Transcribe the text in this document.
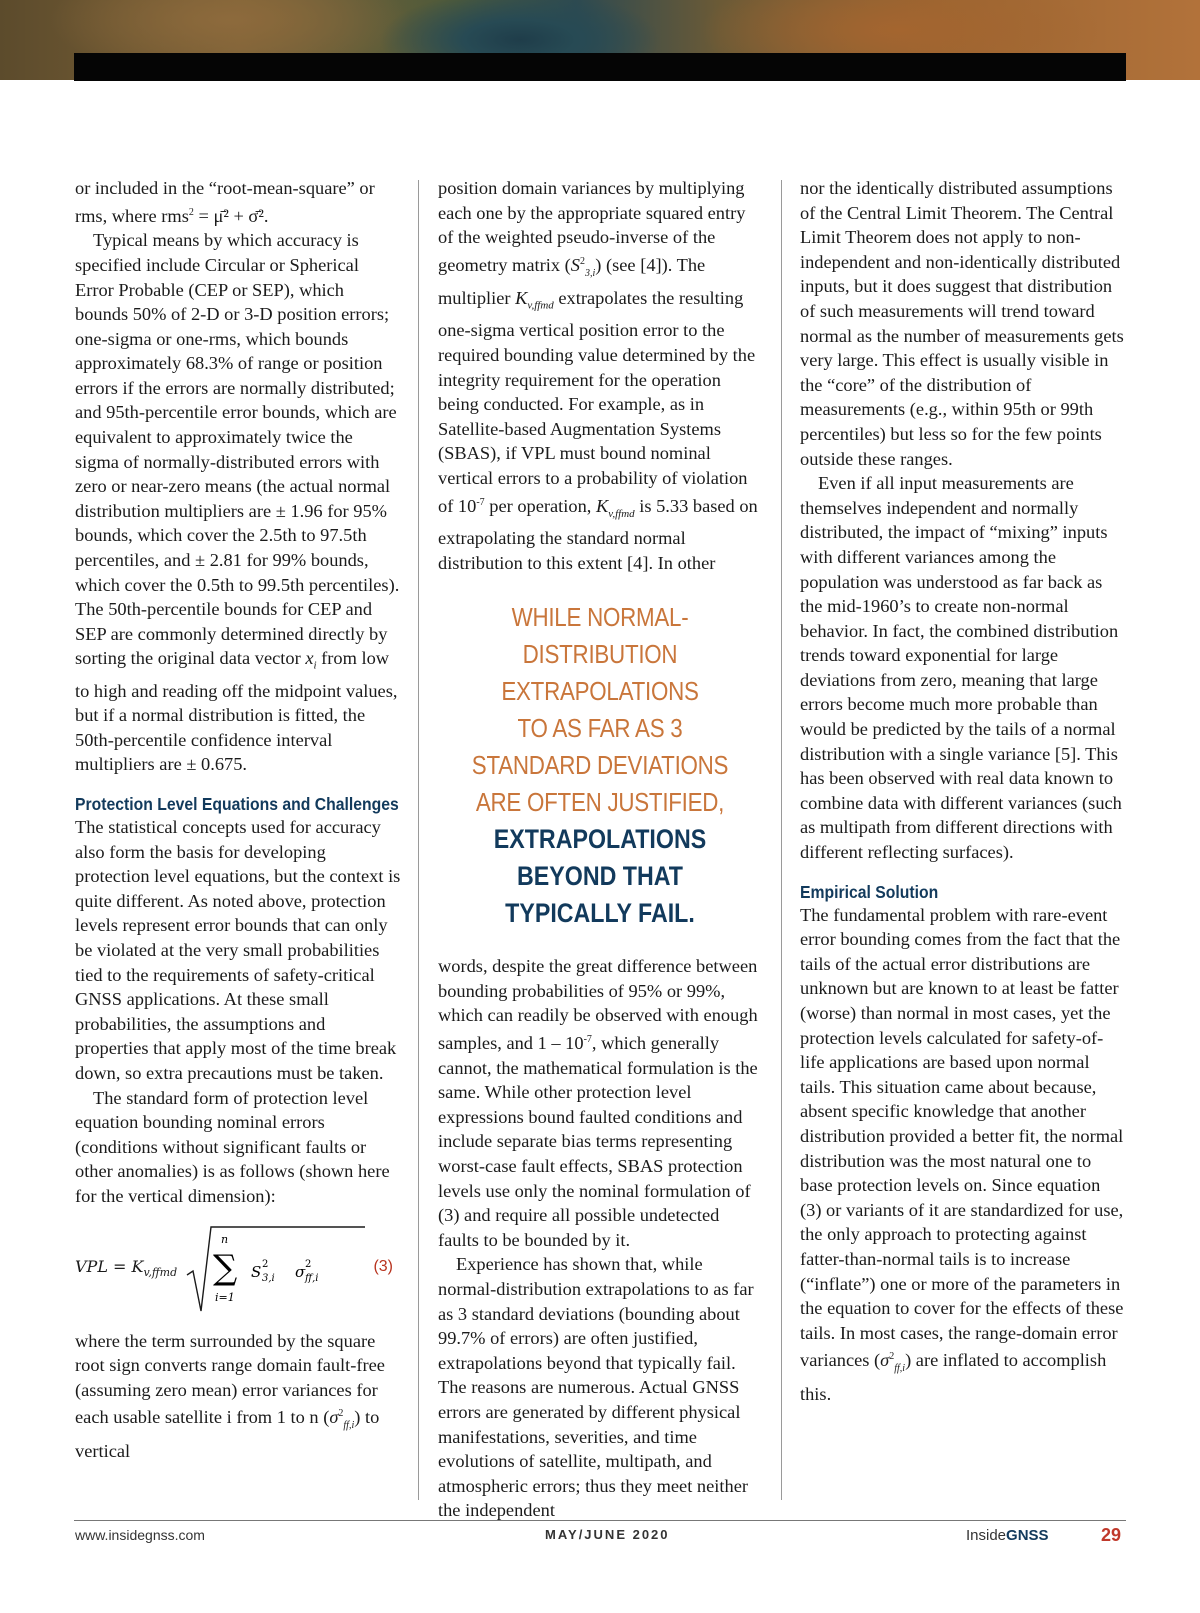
or included in the “root-mean-square” or rms, where rms$^2$ = μ̄² + σ̄².

Typical means by which accuracy is specified include Circular or Spherical Error Probable (CEP or SEP), which bounds 50% of 2-D or 3-D position errors; one-sigma or one-rms, which bounds approximately 68.3% of range or position errors if the errors are normally distributed; and 95th-percentile error bounds, which are equivalent to approximately twice the sigma of normally-distributed errors with zero or near-zero means (the actual normal distribution multipliers are ± 1.96 for 95% bounds, which cover the 2.5th to 97.5th percentiles, and ± 2.81 for 99% bounds, which cover the 0.5th to 99.5th percentiles). The 50th-percentile bounds for CEP and SEP are commonly determined directly by sorting the original data vector $x_i$ from low to high and reading off the midpoint values, but if a normal distribution is fitted, the 50th-percentile confidence interval multipliers are ± 0.675.

Protection Level Equations and Challenges

The statistical concepts used for accuracy also form the basis for developing protection level equations, but the context is quite different. As noted above, protection levels represent error bounds that can only be violated at the very small probabilities tied to the requirements of safety-critical GNSS applications. At these small probabilities, the assumptions and properties that apply most of the time break down, so extra precautions must be taken.

The standard form of protection level equation bounding nominal errors (conditions without significant faults or other anomalies) is as follows (shown here for the vertical dimension):

VPL = $K_{v,ffmd}$
n
∑
i=1
S 2
3,i σ 2
ff,i
(3)

where the term surrounded by the square root sign converts range domain fault-free (assuming zero mean) error variances for each usable satellite i from 1 to n $(\sigma^2_{ff,i})$ to vertical

position domain variances by multiplying each one by the appropriate squared entry of the weighted pseudo-inverse of the geometry matrix $(S^2_{3,i})$ (see [4]). The multiplier $K_{v,ffmd}$ extrapolates the resulting one-sigma vertical position error to the required bounding value determined by the integrity requirement for the operation being conducted. For example, as in Satellite-based Augmentation Systems (SBAS), if VPL must bound nominal vertical errors to a probability of violation of $10^{-7}$ per operation, $K_{v,ffmd}$ is 5.33 based on extrapolating the standard normal distribution to this extent [4]. In other

WHILE NORMAL-DISTRIBUTION
EXTRAPOLATIONS
TO AS FAR AS 3
STANDARD DEVIATIONS
ARE OFTEN JUSTIFIED,
EXTRAPOLATIONS
BEYOND THAT
TYPICALLY FAIL.

words, despite the great difference between bounding probabilities of 95% or 99%, which can readily be observed with enough samples, and $1 - 10^{-7}$, which generally cannot, the mathematical formulation is the same. While other protection level expressions bound faulted conditions and include separate bias terms representing worst-case fault effects, SBAS protection levels use only the nominal formulation of (3) and require all possible undetected faults to be bounded by it.

Experience has shown that, while normal-distribution extrapolations to as far as 3 standard deviations (bounding about 99.7% of errors) are often justified, extrapolations beyond that typically fail. The reasons are numerous. Actual GNSS errors are generated by different physical manifestations, severities, and time evolutions of satellite, multipath, and atmospheric errors; thus they meet neither the independent

nor the identically distributed assumptions of the Central Limit Theorem. The Central Limit Theorem does not apply to non-independent and non-identically distributed inputs, but it does suggest that distribution of such measurements will trend toward normal as the number of measurements gets very large. This effect is usually visible in the “core” of the distribution of measurements (e.g., within 95th or 99th percentiles) but less so for the few points outside these ranges.

Even if all input measurements are themselves independent and normally distributed, the impact of “mixing” inputs with different variances among the population was understood as far back as the mid-1960’s to create non-normal behavior. In fact, the combined distribution trends toward exponential for large deviations from zero, meaning that large errors become much more probable than would be predicted by the tails of a normal distribution with a single variance [5]. This has been observed with real data known to combine data with different variances (such as multipath from different directions with different reflecting surfaces).

Empirical Solution

The fundamental problem with rare-event error bounding comes from the fact that the tails of the actual error distributions are unknown but are known to at least be fatter (worse) than normal in most cases, yet the protection levels calculated for safety-of-life applications are based upon normal tails. This situation came about because, absent specific knowledge that another distribution provided a better fit, the normal distribution was the most natural one to base protection levels on. Since equation (3) or variants of it are standardized for use, the only approach to protecting against fatter-than-normal tails is to increase (“inflate”) one or more of the parameters in the equation to cover for the effects of these tails. In most cases, the range-domain error variances $(\sigma^2_{ff,i})$ are inflated to accomplish this.

www.insidegnss.com	MAY/JUNE 2020	InsideGNSS	29
